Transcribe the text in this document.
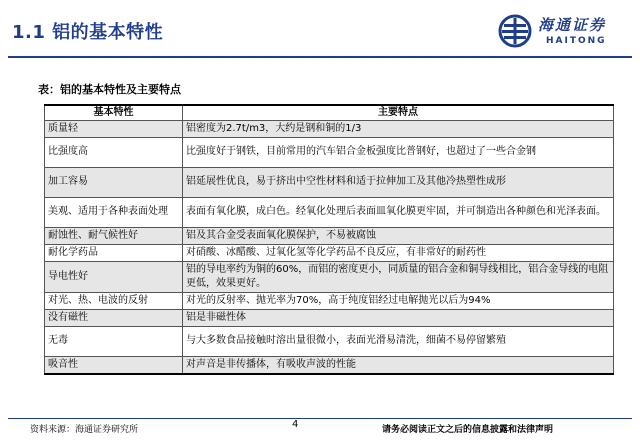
1.1 铝的基本特性	海通证券
HAITONG
表：铝的基本特性及主要特点
基本特性	主要特点
质量轻	铝密度为2.7t/m3，大约是钢和铜的1/3
比强度高	比强度好于钢铁，目前常用的汽车铝合金板强度比普钢好，也超过了一些合金钢
加工容易	铝延展性优良，易于挤出中空性材料和适于拉伸加工及其他冷热塑性成形
美观、适用于各种表面处理	表面有氧化膜，成白色。经氧化处理后表面皿氧化膜更牢固，并可制造出各种颜色和光泽表面。
耐蚀性、耐气候性好	铝及其合金受表面氧化膜保护，不易被腐蚀
耐化学药品	对硝酸、冰醋酸、过氧化氢等化学药品不良反应，有非常好的耐药性
导电性好	铝的导电率约为铜的60%，而铝的密度更小，同质量的铝合金和铜导线相比，铝合金导线的电阻更低，效果更好。
对光、热、电波的反射	对光的反射率、抛光率为70%，高于纯度铝经过电解抛光以后为94%
没有磁性	铝是非磁性体
无毒	与大多数食品接触时溶出量很微小，表面光滑易清洗，细菌不易停留繁殖
吸音性	对声音是非传播体，有吸收声波的性能
资料来源：海通证券研究所	4	请务必阅读正文之后的信息披露和法律声明
